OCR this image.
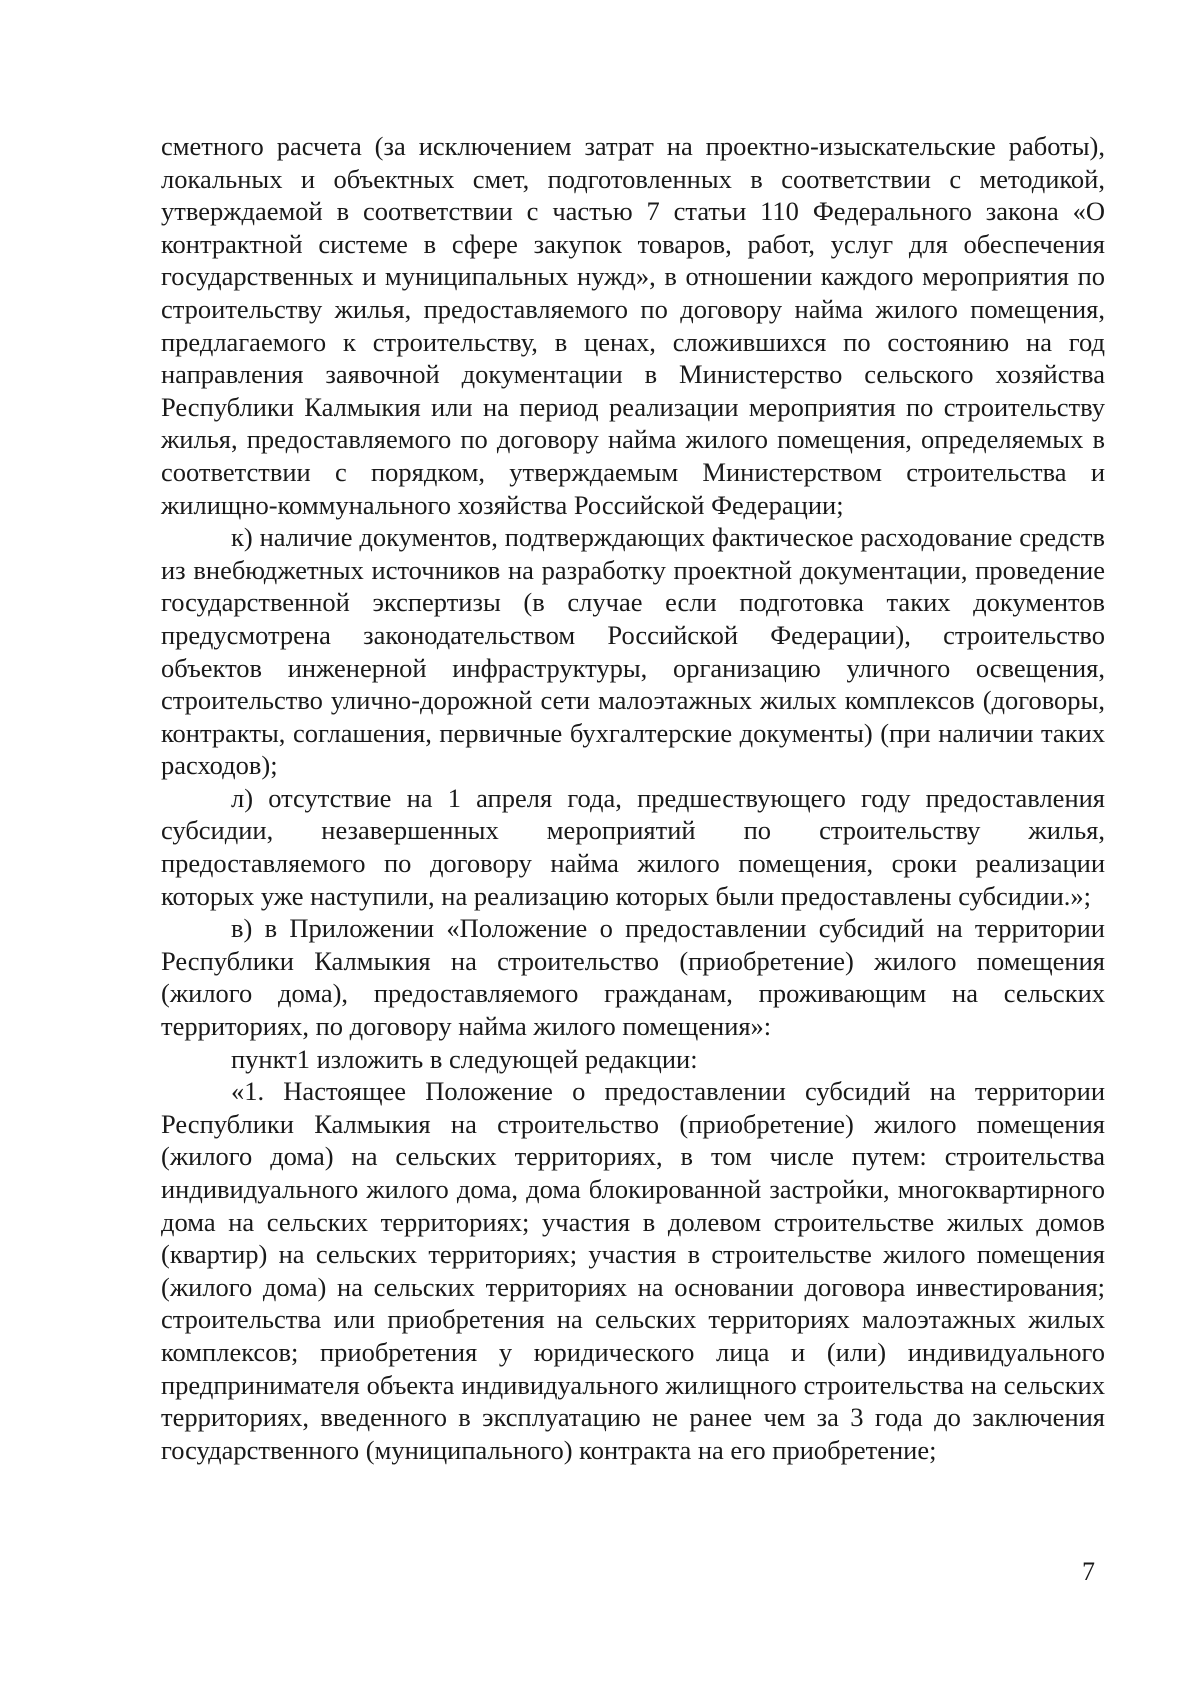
сметного расчета (за исключением затрат на проектно-изыскательские работы), локальных и объектных смет, подготовленных в соответствии с методикой, утверждаемой в соответствии с частью 7 статьи 110 Федерального закона «О контрактной системе в сфере закупок товаров, работ, услуг для обеспечения государственных и муниципальных нужд», в отношении каждого мероприятия по строительству жилья, предоставляемого по договору найма жилого помещения, предлагаемого к строительству, в ценах, сложившихся по состоянию на год направления заявочной документации в Министерство сельского хозяйства Республики Калмыкия или на период реализации мероприятия по строительству жилья, предоставляемого по договору найма жилого помещения, определяемых в соответствии с порядком, утверждаемым Министерством строительства и жилищно-коммунального хозяйства Российской Федерации;

к) наличие документов, подтверждающих фактическое расходование средств из внебюджетных источников на разработку проектной документации, проведение государственной экспертизы (в случае если подготовка таких документов предусмотрена законодательством Российской Федерации), строительство объектов инженерной инфраструктуры, организацию уличного освещения, строительство улично-дорожной сети малоэтажных жилых комплексов (договоры, контракты, соглашения, первичные бухгалтерские документы) (при наличии таких расходов);

л) отсутствие на 1 апреля года, предшествующего году предоставления субсидии, незавершенных мероприятий по строительству жилья, предоставляемого по договору найма жилого помещения, сроки реализации которых уже наступили, на реализацию которых были предоставлены субсидии.»;

в) в Приложении «Положение о предоставлении субсидий на территории Республики Калмыкия на строительство (приобретение) жилого помещения (жилого дома), предоставляемого гражданам, проживающим на сельских территориях, по договору найма жилого помещения»:

пункт1 изложить в следующей редакции:

«1. Настоящее Положение о предоставлении субсидий на территории Республики Калмыкия на строительство (приобретение) жилого помещения (жилого дома) на сельских территориях, в том числе путем: строительства индивидуального жилого дома, дома блокированной застройки, многоквартирного дома на сельских территориях; участия в долевом строительстве жилых домов (квартир) на сельских территориях; участия в строительстве жилого помещения (жилого дома) на сельских территориях на основании договора инвестирования; строительства или приобретения на сельских территориях малоэтажных жилых комплексов; приобретения у юридического лица и (или) индивидуального предпринимателя объекта индивидуального жилищного строительства на сельских территориях, введенного в эксплуатацию не ранее чем за 3 года до заключения государственного (муниципального) контракта на его приобретение;

7
